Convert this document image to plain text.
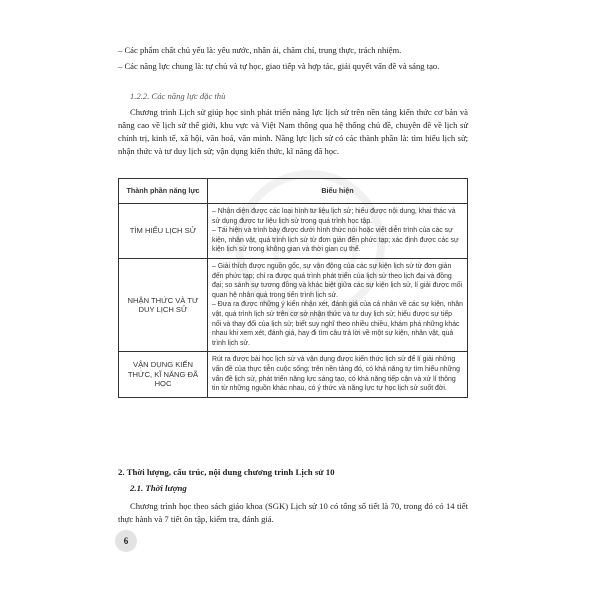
– Các phẩm chất chủ yếu là: yêu nước, nhân ái, chăm chỉ, trung thực, trách nhiệm.
– Các năng lực chung là: tự chủ và tự học, giao tiếp và hợp tác, giải quyết vấn đề và sáng tạo.
1.2.2. Các năng lực đặc thù
Chương trình Lịch sử giúp học sinh phát triển năng lực lịch sử trên nền tảng kiến thức cơ bản và nâng cao về lịch sử thế giới, khu vực và Việt Nam thông qua hệ thống chủ đề, chuyên đề về lịch sử chính trị, kinh tế, xã hội, văn hoá, văn minh. Năng lực lịch sử có các thành phần là: tìm hiểu lịch sử; nhận thức và tư duy lịch sử; vận dụng kiến thức, kĩ năng đã học.
Thành phần năng lực	Biểu hiện
TÌM HIỂU LỊCH SỬ	– Nhận diện được các loại hình tư liệu lịch sử; hiểu được nội dung, khai thác và sử dụng được tư liệu lịch sử trong quá trình học tập.

– Tái hiện và trình bày được dưới hình thức nói hoặc viết diễn trình của các sự kiện, nhân vật, quá trình lịch sử từ đơn giản đến phức tạp; xác định được các sự kiện lịch sử trong không gian và thời gian cụ thể.

NHẬN THỨC VÀ TƯ DUY LỊCH SỬ	– Giải thích được nguồn gốc, sự vận động của các sự kiện lịch sử từ đơn giản đến phức tạp; chỉ ra được quá trình phát triển của lịch sử theo lịch đại và đồng đại; so sánh sự tương đồng và khác biệt giữa các sự kiện lịch sử, lí giải được mối quan hệ nhân quả trong tiến trình lịch sử.

– Đưa ra được những ý kiến nhận xét, đánh giá của cá nhân về các sự kiện, nhân vật, quá trình lịch sử trên cơ sở nhận thức và tư duy lịch sử; hiểu được sự tiếp nối và thay đổi của lịch sử; biết suy nghĩ theo nhiều chiều, khám phá những khác nhau khi xem xét, đánh giá, hay đi tìm câu trả lời về một sự kiện, nhân vật, quá trình lịch sử.

VẬN DỤNG KIẾN THỨC, KĨ NĂNG ĐÃ HỌC	Rút ra được bài học lịch sử và vận dụng được kiến thức lịch sử để lí giải những vấn đề của thực tiễn cuộc sống; trên nền tảng đó, có khả năng tự tìm hiểu những vấn đề lịch sử, phát triển năng lực sáng tạo, có khả năng tiếp cận và xử lí thông tin từ những nguồn khác nhau, có ý thức và năng lực tự học lịch sử suốt đời.

2. Thời lượng, cấu trúc, nội dung chương trình Lịch sử 10
2.1. Thời lượng
Chương trình học theo sách giáo khoa (SGK) Lịch sử 10 có tổng số tiết là 70, trong đó có 14 tiết thực hành và 7 tiết ôn tập, kiểm tra, đánh giá.
6
